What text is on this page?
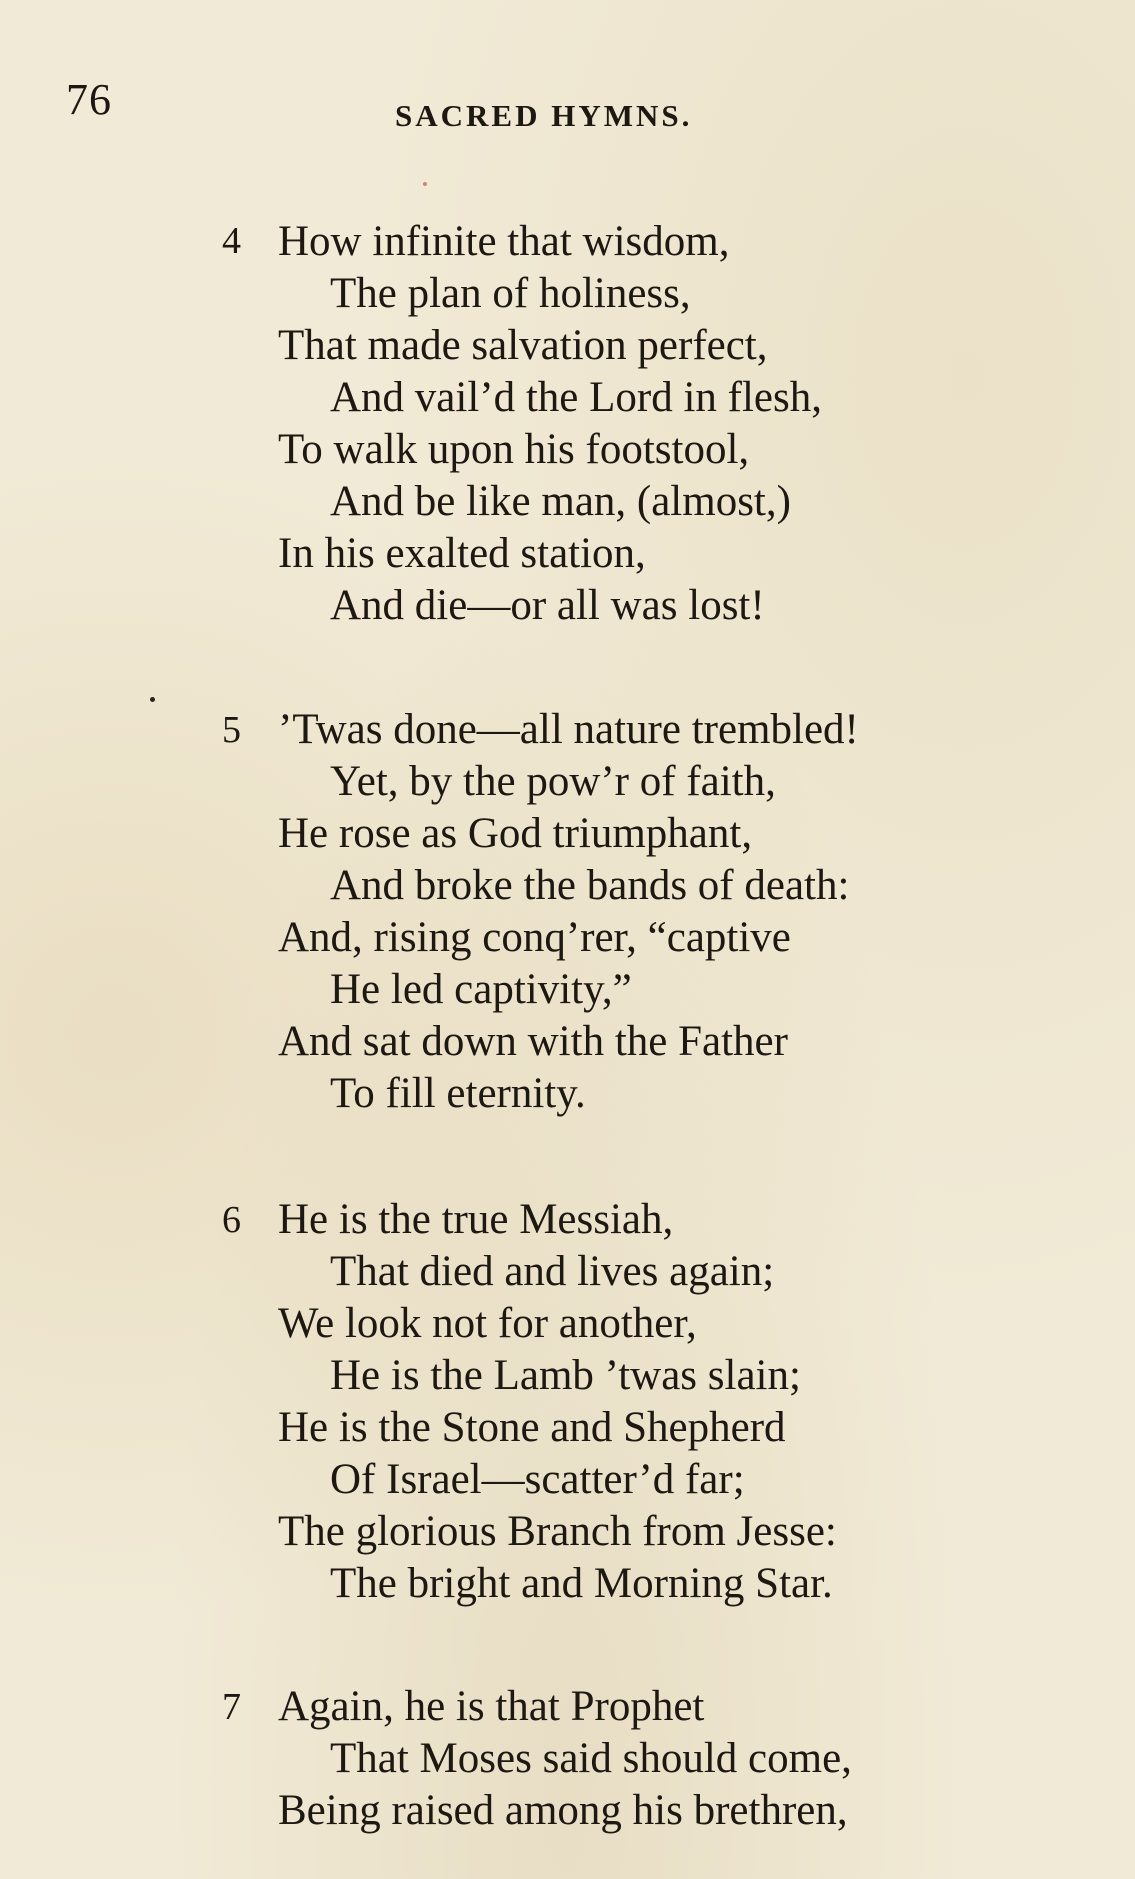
76	SACRED HYMNS.
4 How infinite that wisdom,
The plan of holiness,
That made salvation perfect,
And vail’d the Lord in flesh,
To walk upon his footstool,
And be like man, (almost,)
In his exalted station,
And die—or all was lost!
5 ’Twas done—all nature trembled!
Yet, by the pow’r of faith,
He rose as God triumphant,
And broke the bands of death:
And, rising conq’rer, “captive
He led captivity,”
And sat down with the Father
To fill eternity.
6 He is the true Messiah,
That died and lives again;
We look not for another,
He is the Lamb ’twas slain;
He is the Stone and Shepherd
Of Israel—scatter’d far;
The glorious Branch from Jesse:
The bright and Morning Star.
7 Again, he is that Prophet
That Moses said should come,
Being raised among his brethren,
